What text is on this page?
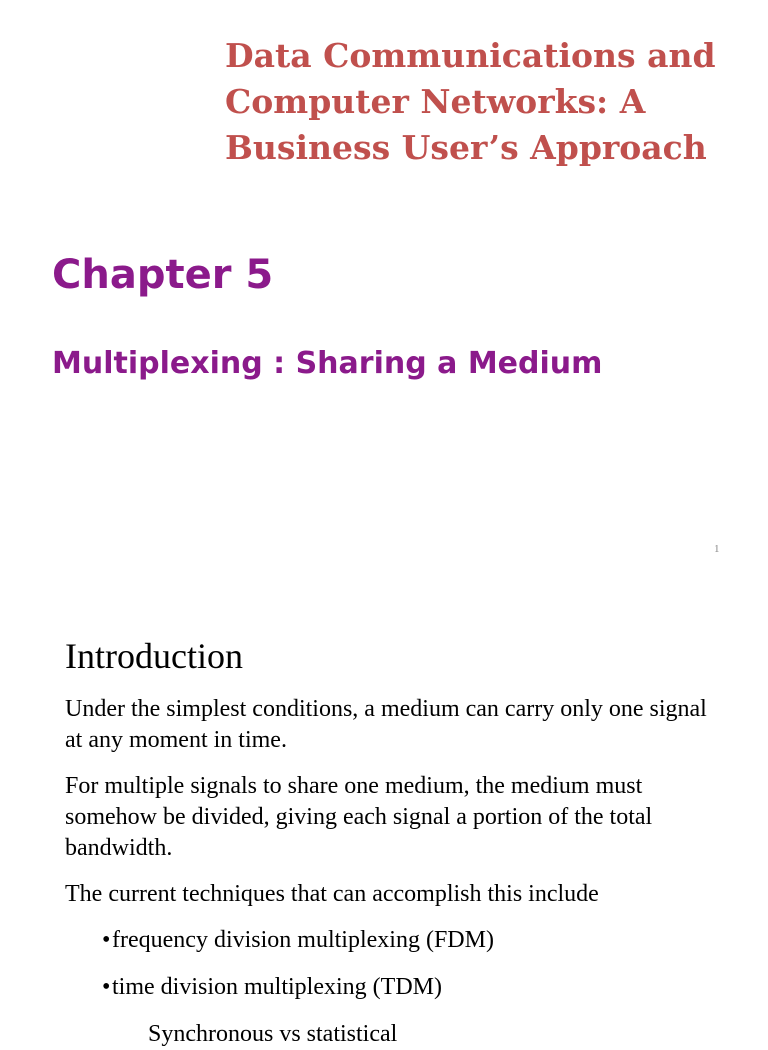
Data Communications and
Computer Networks: A
Business User’s Approach
Chapter 5
Multiplexing : Sharing a Medium
1
Introduction

Under the simplest conditions, a medium can carry only one signal at any moment in time.

For multiple signals to share one medium, the medium must somehow be divided, giving each signal a portion of the total bandwidth.

The current techniques that can accomplish this include

•frequency division multiplexing (FDM)
•time division multiplexing (TDM)
Synchronous vs statistical
